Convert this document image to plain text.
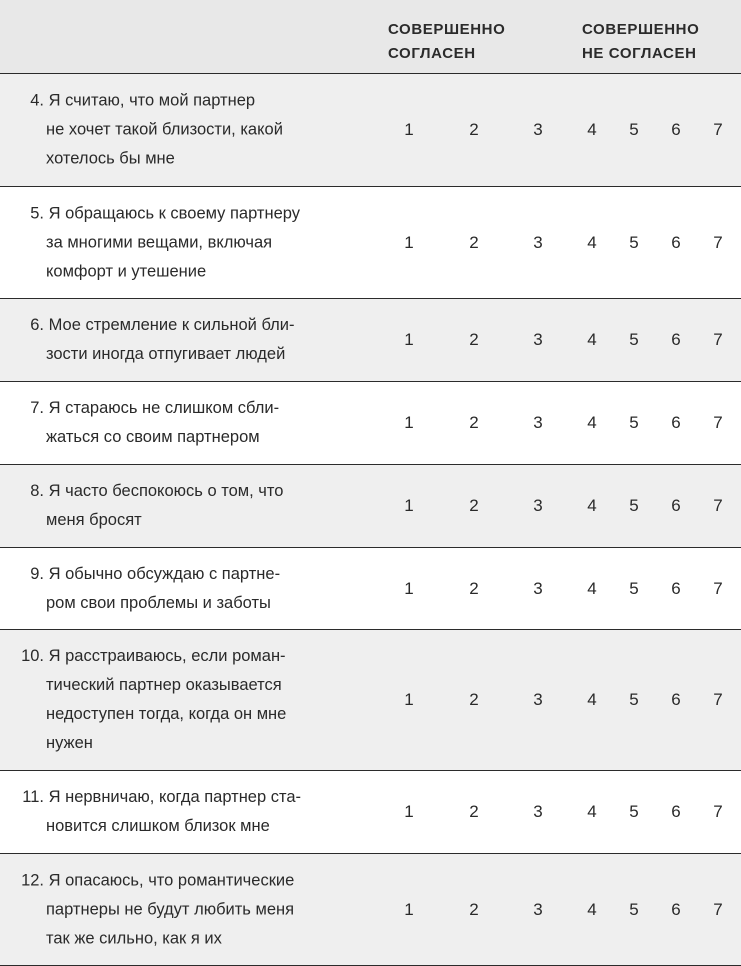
СОВЕРШЕННО
СОГЛАСЕН
СОВЕРШЕННО
НЕ СОГЛАСЕН
4. Я считаю, что мой партнер
не хочет такой близости, какой
хотелось бы мне
1	2	3	4	5	6	7
5. Я обращаюсь к своему партнеру
за многими вещами, включая
комфорт и утешение
1	2	3	4	5	6	7
6. Мое стремление к сильной бли-
зости иногда отпугивает людей
1	2	3	4	5	6	7
7. Я стараюсь не слишком сбли-
жаться со своим партнером
1	2	3	4	5	6	7
8. Я часто беспокоюсь о том, что
меня бросят
1	2	3	4	5	6	7
9. Я обычно обсуждаю с партне-
ром свои проблемы и заботы
1	2	3	4	5	6	7
10. Я расстраиваюсь, если роман-
тический партнер оказывается
недоступен тогда, когда он мне
нужен
1	2	3	4	5	6	7
11. Я нервничаю, когда партнер ста-
новится слишком близок мне
1	2	3	4	5	6	7
12. Я опасаюсь, что романтические
партнеры не будут любить меня
так же сильно, как я их
1	2	3	4	5	6	7
